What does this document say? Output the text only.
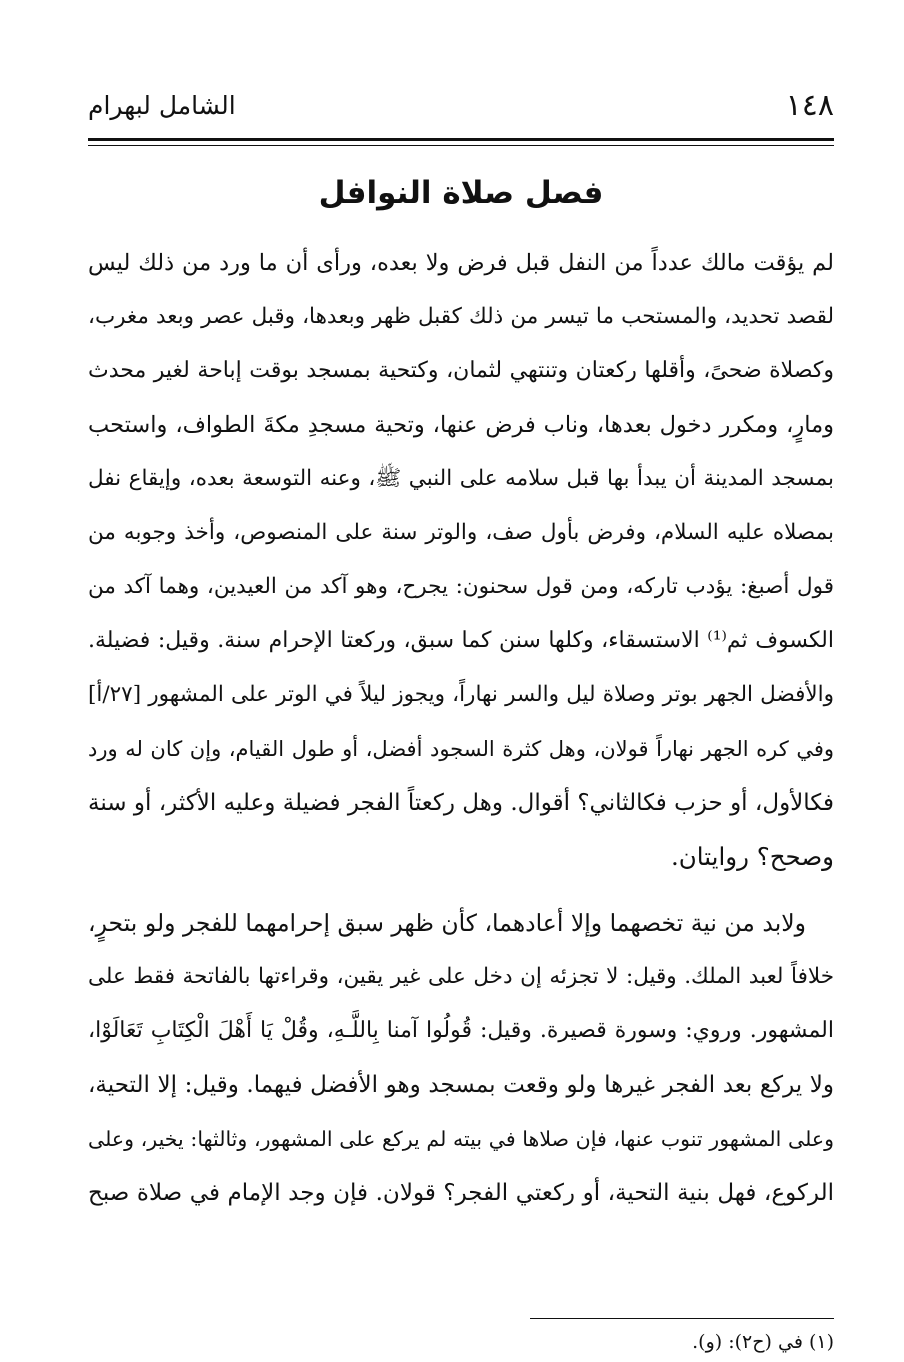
١٤٨
الشامل لبهرام
فصل صلاة النوافل
لم يؤقت مالك عدداً من النفل قبل فرض ولا بعده، ورأى أن ما ورد من ذلك ليس
لقصد تحديد، والمستحب ما تيسر من ذلك كقبل ظهر وبعدها، وقبل عصر وبعد مغرب،
وكصلاة ضحىً، وأقلها ركعتان وتنتهي لثمان، وكتحية بمسجد بوقت إباحة لغير محدث
ومارٍ، ومكرر دخول بعدها، وناب فرض عنها، وتحية مسجدِ مكةَ الطواف، واستحب
بمسجد المدينة أن يبدأ بها قبل سلامه على النبي ﷺ، وعنه التوسعة بعده، وإيقاع نفل
بمصلاه عليه السلام، وفرض بأول صف، والوتر سنة على المنصوص، وأخذ وجوبه من
قول أصبغ: يؤدب تاركه، ومن قول سحنون: يجرح، وهو آكد من العيدين، وهما آكد من
الكسوف ثم⁽¹⁾ الاستسقاء، وكلها سنن كما سبق، وركعتا الإحرام سنة. وقيل: فضيلة.
والأفضل الجهر بوتر وصلاة ليل والسر نهاراً، ويجوز ليلاً في الوتر على المشهور [٢٧/أ]
وفي كره الجهر نهاراً قولان، وهل كثرة السجود أفضل، أو طول القيام، وإن كان له ورد
فكالأول، أو حزب فكالثاني؟ أقوال. وهل ركعتاً الفجر فضيلة وعليه الأكثر، أو سنة
وصحح؟ روايتان.
ولابد من نية تخصهما وإلا أعادهما، كأن ظهر سبق إحرامهما للفجر ولو بتحرٍ،
خلافاً لعبد الملك. وقيل: لا تجزئه إن دخل على غير يقين، وقراءتها بالفاتحة فقط على
المشهور. وروي: وسورة قصيرة. وقيل: قُولُوا آمنا بِاللَّـهِ، وقُلْ يَا أَهْلَ الْكِتَابِ تَعَالَوْا،
ولا يركع بعد الفجر غيرها ولو وقعت بمسجد وهو الأفضل فيهما. وقيل: إلا التحية،
وعلى المشهور تنوب عنها، فإن صلاها في بيته لم يركع على المشهور، وثالثها: يخير، وعلى
الركوع، فهل بنية التحية، أو ركعتي الفجر؟ قولان. فإن وجد الإمام في صلاة صبح
(١) في (ح٢): (و).
